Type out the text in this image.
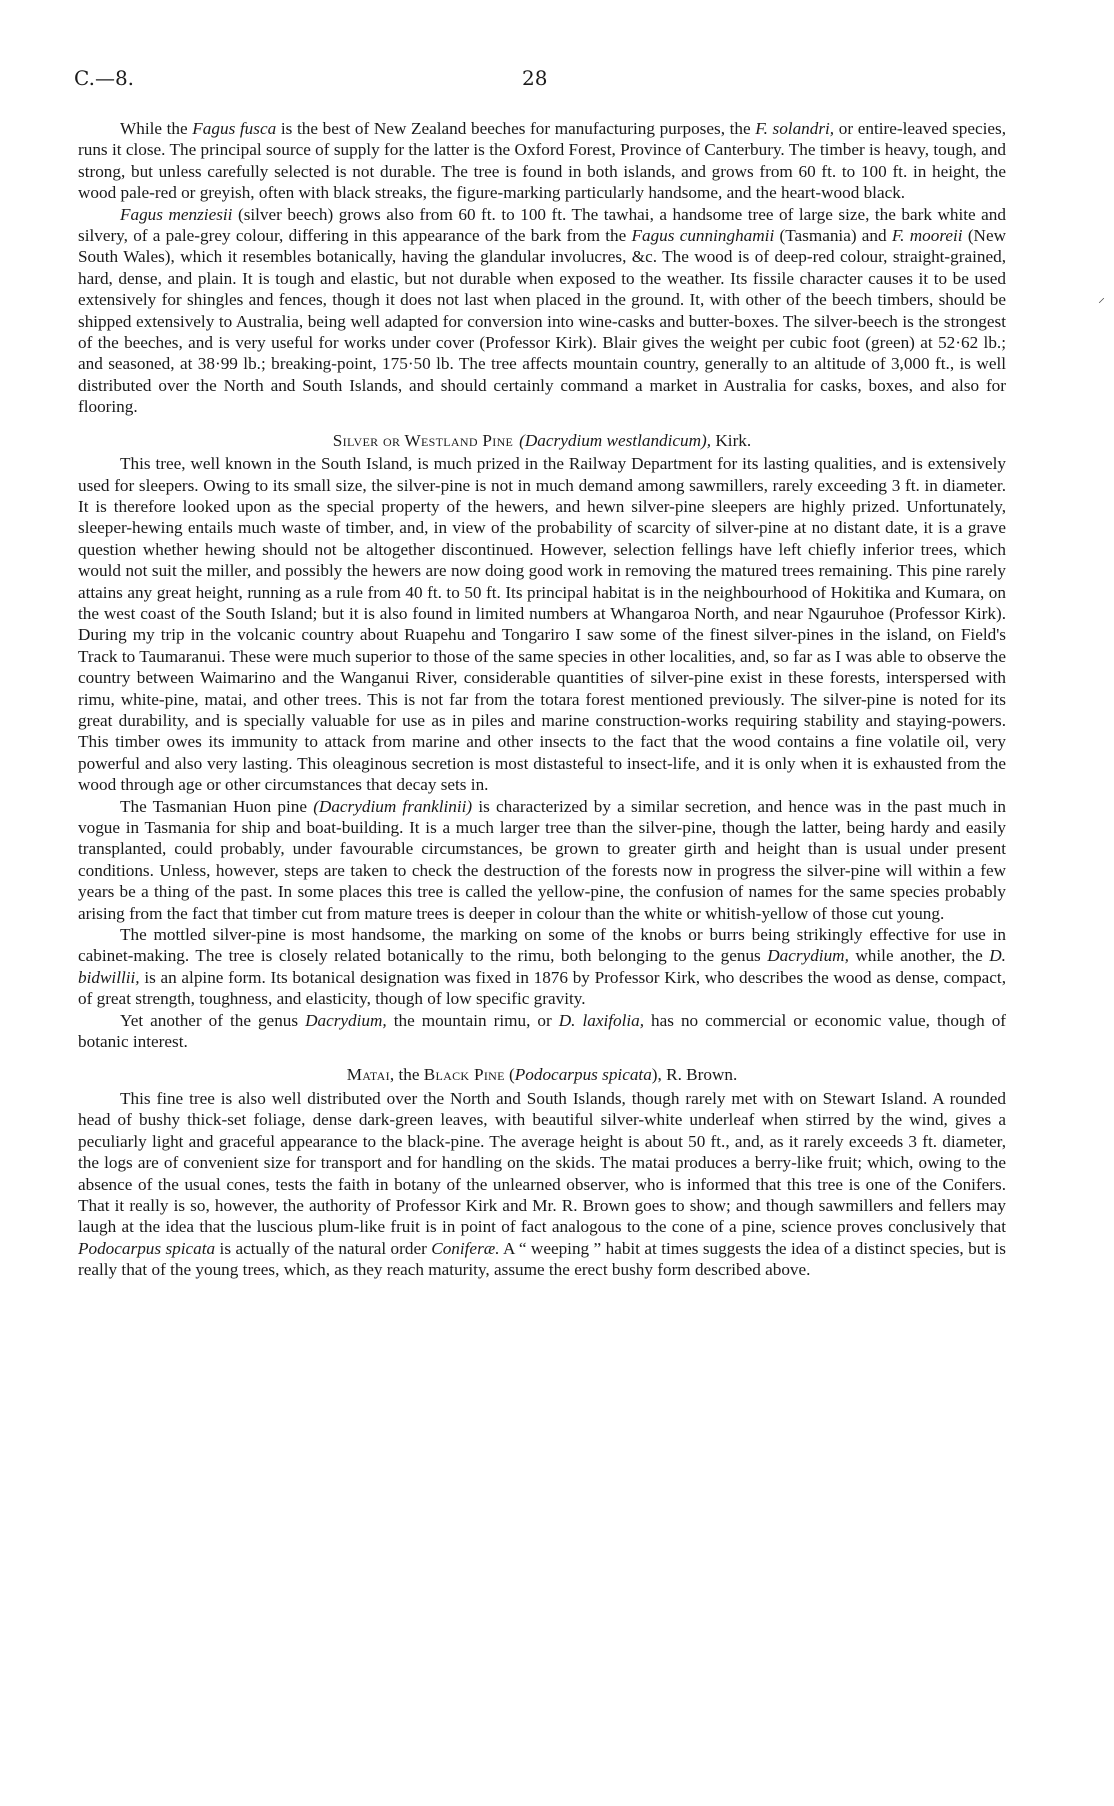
C.—8.	28
⸝

While the Fagus fusca is the best of New Zealand beeches for manufacturing purposes, the F. solandri, or entire-leaved species, runs it close. The principal source of supply for the latter is the Oxford Forest, Province of Canterbury. The timber is heavy, tough, and strong, but unless carefully selected is not durable. The tree is found in both islands, and grows from 60 ft. to 100 ft. in height, the wood pale-red or greyish, often with black streaks, the figure-marking particularly handsome, and the heart-wood black.

Fagus menziesii (silver beech) grows also from 60 ft. to 100 ft. The tawhai, a handsome tree of large size, the bark white and silvery, of a pale-grey colour, differing in this appearance of the bark from the Fagus cunninghamii (Tasmania) and F. mooreii (New South Wales), which it resembles botanically, having the glandular involucres, &c. The wood is of deep-red colour, straight-grained, hard, dense, and plain. It is tough and elastic, but not durable when exposed to the weather. Its fissile character causes it to be used extensively for shingles and fences, though it does not last when placed in the ground. It, with other of the beech timbers, should be shipped extensively to Australia, being well adapted for conversion into wine-casks and butter-boxes. The silver-beech is the strongest of the beeches, and is very useful for works under cover (Professor Kirk). Blair gives the weight per cubic foot (green) at 52·62 lb.; and seasoned, at 38·99 lb.; breaking-point, 175·50 lb. The tree affects mountain country, generally to an altitude of 3,000 ft., is well distributed over the North and South Islands, and should certainly command a market in Australia for casks, boxes, and also for flooring.

Silver or Westland Pine (Dacrydium westlandicum), Kirk.

This tree, well known in the South Island, is much prized in the Railway Department for its lasting qualities, and is extensively used for sleepers. Owing to its small size, the silver-pine is not in much demand among sawmillers, rarely exceeding 3 ft. in diameter. It is therefore looked upon as the special property of the hewers, and hewn silver-pine sleepers are highly prized. Unfortunately, sleeper-hewing entails much waste of timber, and, in view of the probability of scarcity of silver-pine at no distant date, it is a grave question whether hewing should not be altogether discontinued. However, selection fellings have left chiefly inferior trees, which would not suit the miller, and possibly the hewers are now doing good work in removing the matured trees remaining. This pine rarely attains any great height, running as a rule from 40 ft. to 50 ft. Its principal habitat is in the neighbourhood of Hokitika and Kumara, on the west coast of the South Island; but it is also found in limited numbers at Whangaroa North, and near Ngauruhoe (Professor Kirk). During my trip in the volcanic country about Ruapehu and Tongariro I saw some of the finest silver-pines in the island, on Field's Track to Taumaranui. These were much superior to those of the same species in other localities, and, so far as I was able to observe the country between Waimarino and the Wanganui River, considerable quantities of silver-pine exist in these forests, interspersed with rimu, white-pine, matai, and other trees. This is not far from the totara forest mentioned previously. The silver-pine is noted for its great durability, and is specially valuable for use as in piles and marine construction-works requiring stability and staying-powers. This timber owes its immunity to attack from marine and other insects to the fact that the wood contains a fine volatile oil, very powerful and also very lasting. This oleaginous secretion is most distasteful to insect-life, and it is only when it is exhausted from the wood through age or other circumstances that decay sets in.

The Tasmanian Huon pine (Dacrydium franklinii) is characterized by a similar secretion, and hence was in the past much in vogue in Tasmania for ship and boat-building. It is a much larger tree than the silver-pine, though the latter, being hardy and easily transplanted, could probably, under favourable circumstances, be grown to greater girth and height than is usual under present conditions. Unless, however, steps are taken to check the destruction of the forests now in progress the silver-pine will within a few years be a thing of the past. In some places this tree is called the yellow-pine, the confusion of names for the same species probably arising from the fact that timber cut from mature trees is deeper in colour than the white or whitish-yellow of those cut young.

The mottled silver-pine is most handsome, the marking on some of the knobs or burrs being strikingly effective for use in cabinet-making. The tree is closely related botanically to the rimu, both belonging to the genus Dacrydium, while another, the D. bidwillii, is an alpine form. Its botanical designation was fixed in 1876 by Professor Kirk, who describes the wood as dense, compact, of great strength, toughness, and elasticity, though of low specific gravity.

Yet another of the genus Dacrydium, the mountain rimu, or D. laxifolia, has no commercial or economic value, though of botanic interest.

Matai, the Black Pine (Podocarpus spicata), R. Brown.

This fine tree is also well distributed over the North and South Islands, though rarely met with on Stewart Island. A rounded head of bushy thick-set foliage, dense dark-green leaves, with beautiful silver-white underleaf when stirred by the wind, gives a peculiarly light and graceful appearance to the black-pine. The average height is about 50 ft., and, as it rarely exceeds 3 ft. diameter, the logs are of convenient size for transport and for handling on the skids. The matai produces a berry-like fruit; which, owing to the absence of the usual cones, tests the faith in botany of the unlearned observer, who is informed that this tree is one of the Conifers. That it really is so, however, the authority of Professor Kirk and Mr. R. Brown goes to show; and though sawmillers and fellers may laugh at the idea that the luscious plum-like fruit is in point of fact analogous to the cone of a pine, science proves conclusively that Podocarpus spicata is actually of the natural order Coniferæ. A “ weeping ” habit at times suggests the idea of a distinct species, but is really that of the young trees, which, as they reach maturity, assume the erect bushy form described above.
